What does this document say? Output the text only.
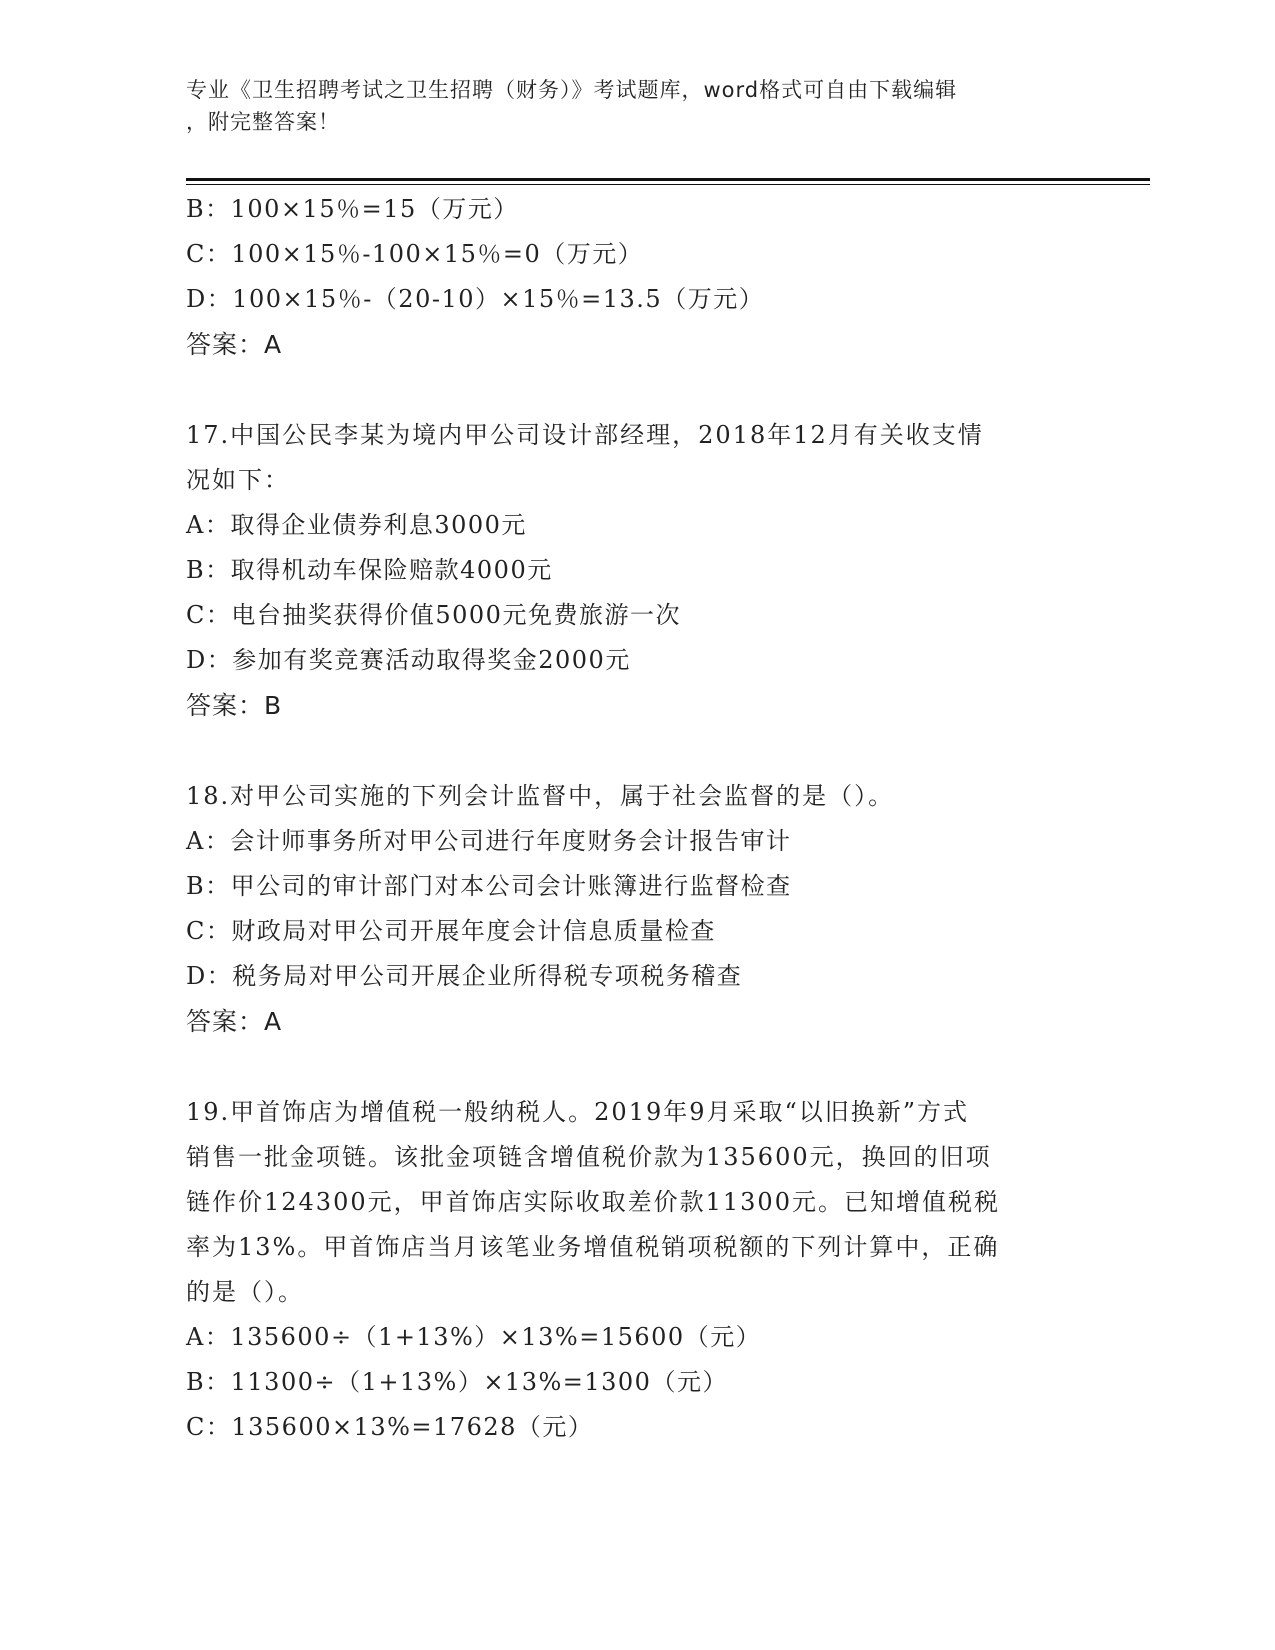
专业《卫生招聘考试之卫生招聘（财务）》考试题库，word格式可自由下载编辑
，附完整答案！
B：100×15％=15（万元）
C：100×15％-100×15％=0（万元）
D：100×15％-（20-10）×15％=13.5（万元）
答案：A
17.中国公民李某为境内甲公司设计部经理，2018年12月有关收支情
况如下：
A：取得企业债券利息3000元
B：取得机动车保险赔款4000元
C：电台抽奖获得价值5000元免费旅游一次
D：参加有奖竞赛活动取得奖金2000元
答案：B
18.对甲公司实施的下列会计监督中，属于社会监督的是（）。
A：会计师事务所对甲公司进行年度财务会计报告审计
B：甲公司的审计部门对本公司会计账簿进行监督检查
C：财政局对甲公司开展年度会计信息质量检查
D：税务局对甲公司开展企业所得税专项税务稽查
答案：A
19.甲首饰店为增值税一般纳税人。2019年9月采取“以旧换新”方式
销售一批金项链。该批金项链含增值税价款为135600元，换回的旧项
链作价124300元，甲首饰店实际收取差价款11300元。已知增值税税
率为13%。甲首饰店当月该笔业务增值税销项税额的下列计算中，正确
的是（）。
A：135600÷（1+13%）×13%=15600（元）
B：11300÷（1+13%）×13%=1300（元）
C：135600×13%=17628（元）
